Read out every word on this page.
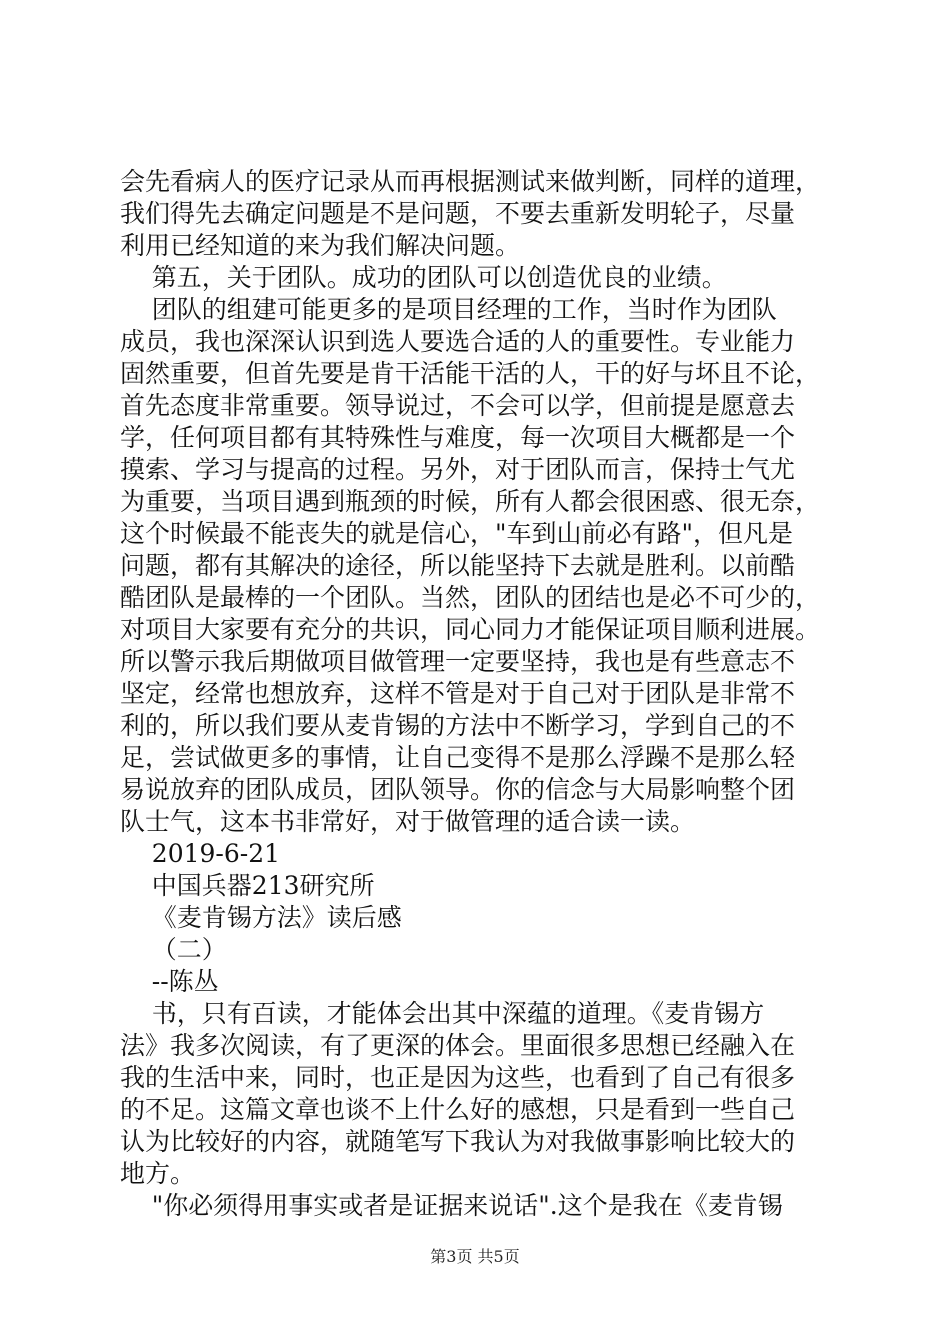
会先看病人的医疗记录从而再根据测试来做判断，同样的道理，
我们得先去确定问题是不是问题，不要去重新发明轮子，尽量
利用已经知道的来为我们解决问题。
第五，关于团队。成功的团队可以创造优良的业绩。
团队的组建可能更多的是项目经理的工作，当时作为团队
成员，我也深深认识到选人要选合适的人的重要性。专业能力
固然重要，但首先要是肯干活能干活的人，干的好与坏且不论，
首先态度非常重要。领导说过，不会可以学，但前提是愿意去
学，任何项目都有其特殊性与难度，每一次项目大概都是一个
摸索、学习与提高的过程。另外，对于团队而言，保持士气尤
为重要，当项目遇到瓶颈的时候，所有人都会很困惑、很无奈，
这个时候最不能丧失的就是信心，"车到山前必有路"，但凡是
问题，都有其解决的途径，所以能坚持下去就是胜利。以前酷
酷团队是最棒的一个团队。当然，团队的团结也是必不可少的，
对项目大家要有充分的共识，同心同力才能保证项目顺利进展。
所以警示我后期做项目做管理一定要坚持，我也是有些意志不
坚定，经常也想放弃，这样不管是对于自己对于团队是非常不
利的，所以我们要从麦肯锡的方法中不断学习，学到自己的不
足，尝试做更多的事情，让自己变得不是那么浮躁不是那么轻
易说放弃的团队成员，团队领导。你的信念与大局影响整个团
队士气，这本书非常好，对于做管理的适合读一读。
2019-6-21
中国兵器213研究所
《麦肯锡方法》读后感
（二）
--陈丛
书，只有百读，才能体会出其中深蕴的道理。《麦肯锡方
法》我多次阅读，有了更深的体会。里面很多思想已经融入在
我的生活中来，同时，也正是因为这些，也看到了自己有很多
的不足。这篇文章也谈不上什么好的感想，只是看到一些自己
认为比较好的内容，就随笔写下我认为对我做事影响比较大的
地方。
"你必须得用事实或者是证据来说话".这个是我在《麦肯锡
第3页 共5页
